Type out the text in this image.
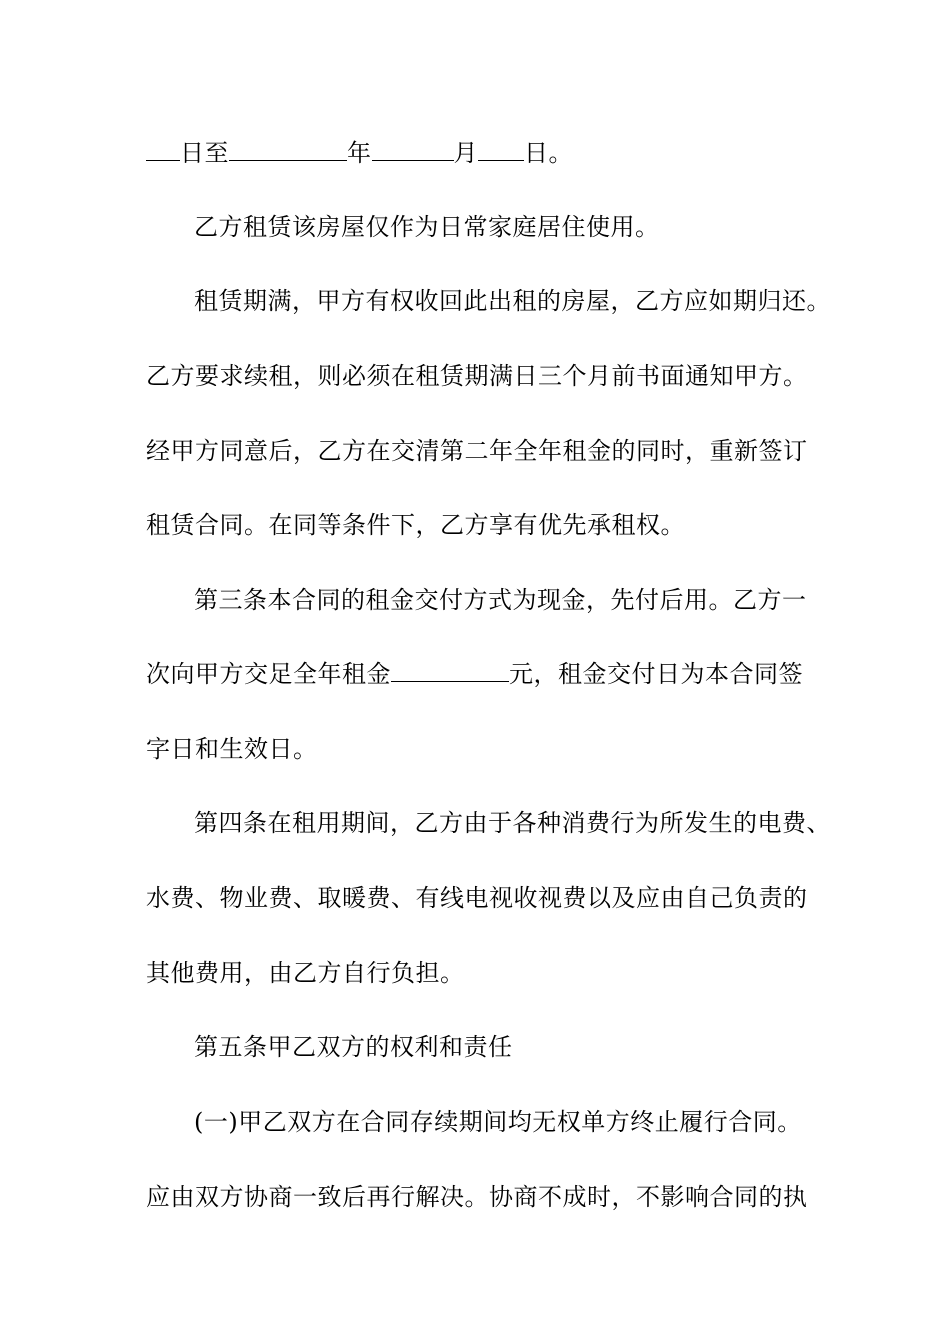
日至	年	月 日。
乙方租赁该房屋仅作为日常家庭居住使用。
租赁期满，甲方有权收回此出租的房屋，乙方应如期归还。
乙方要求续租，则必须在租赁期满日三个月前书面通知甲方。
经甲方同意后，乙方在交清第二年全年租金的同时，重新签订
租赁合同。在同等条件下，乙方享有优先承租权。
第三条本合同的租金交付方式为现金，先付后用。乙方一
次向甲方交足全年租金	元，租金交付日为本合同签
字日和生效日。
第四条在租用期间，乙方由于各种消费行为所发生的电费、
水费、物业费、取暖费、有线电视收视费以及应由自己负责的
其他费用，由乙方自行负担。
第五条甲乙双方的权利和责任
(一)甲乙双方在合同存续期间均无权单方终止履行合同。
应由双方协商一致后再行解决。协商不成时，不影响合同的执
